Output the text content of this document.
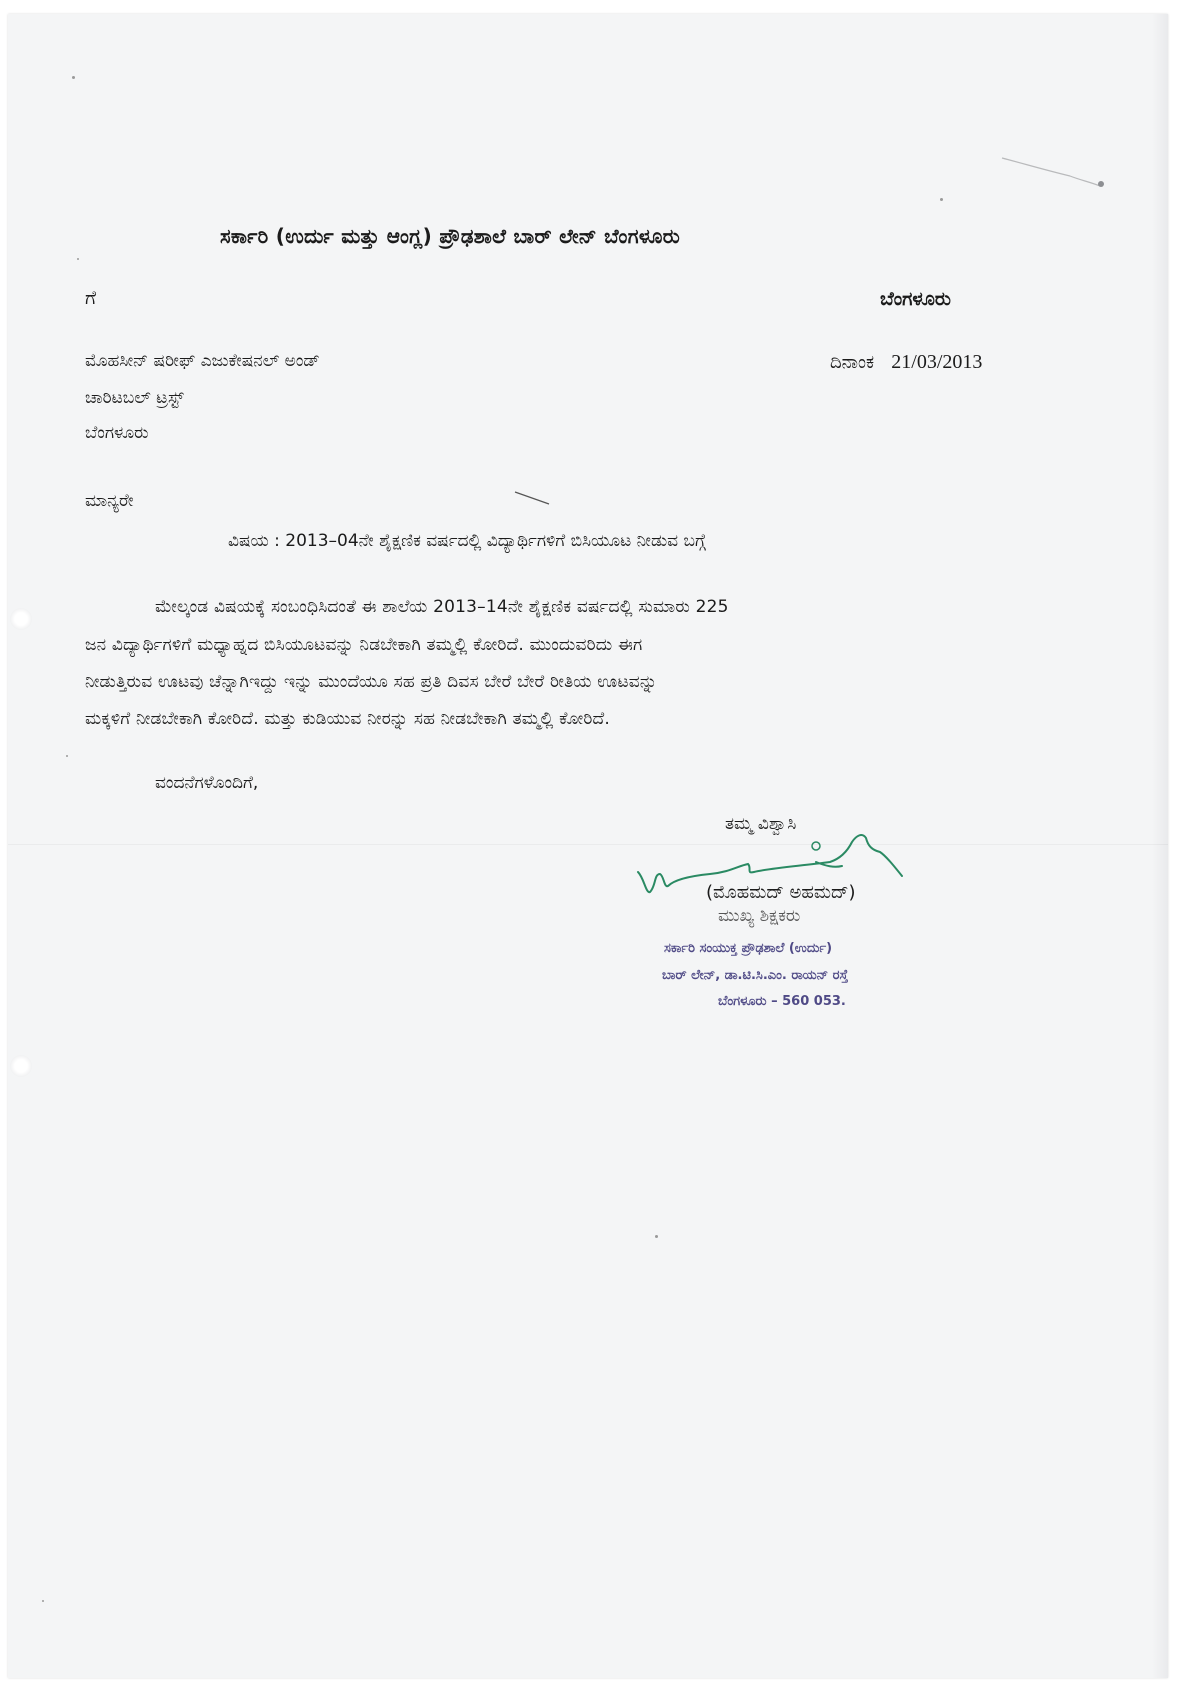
ಸರ್ಕಾರಿ (ಉರ್ದು ಮತ್ತು ಆಂಗ್ಲ) ಪ್ರೌಢಶಾಲೆ ಬಾರ್ ಲೇನ್ ಬೆಂಗಳೂರು
ಗೆ	ಬೆಂಗಳೂರು
ಮೊಹಸೀನ್ ಷರೀಫ್ ಎಜುಕೇಷನಲ್ ಅಂಡ್
ಚಾರಿಟಬಲ್ ಟ್ರಸ್ಟ್
ಬೆಂಗಳೂರು
ದಿನಾಂಕ 21/03/2013
ಮಾನ್ಯರೇ
ವಿಷಯ : 2013–04ನೇ ಶೈಕ್ಷಣಿಕ ವರ್ಷದಲ್ಲಿ ವಿದ್ಯಾರ್ಥಿಗಳಿಗೆ ಬಿಸಿಯೂಟ ನೀಡುವ ಬಗ್ಗೆ
ಮೇಲ್ಕಂಡ ವಿಷಯಕ್ಕೆ ಸಂಬಂಧಿಸಿದಂತೆ ಈ ಶಾಲೆಯ 2013–14ನೇ ಶೈಕ್ಷಣಿಕ ವರ್ಷದಲ್ಲಿ ಸುಮಾರು 225
ಜನ ವಿದ್ಯಾರ್ಥಿಗಳಿಗೆ ಮಧ್ಯಾಹ್ನದ ಬಿಸಿಯೂಟವನ್ನು ನಿಡಬೇಕಾಗಿ ತಮ್ಮಲ್ಲಿ ಕೋರಿದೆ. ಮುಂದುವರಿದು ಈಗ
ನೀಡುತ್ತಿರುವ ಊಟವು ಚೆನ್ನಾಗಿಇದ್ದು ಇನ್ನು ಮುಂದೆಯೂ ಸಹ ಪ್ರತಿ ದಿವಸ ಬೇರೆ ಬೇರೆ ರೀತಿಯ ಊಟವನ್ನು
ಮಕ್ಕಳಿಗೆ ನೀಡಬೇಕಾಗಿ ಕೋರಿದೆ. ಮತ್ತು ಕುಡಿಯುವ ನೀರನ್ನು ಸಹ ನೀಡಬೇಕಾಗಿ ತಮ್ಮಲ್ಲಿ ಕೋರಿದೆ.
ವಂದನೆಗಳೊಂದಿಗೆ,
ತಮ್ಮ ವಿಶ್ವಾಸಿ
(ಮೊಹಮದ್ ಅಹಮದ್)
ಮುಖ್ಯ ಶಿಕ್ಷಕರು
ಸರ್ಕಾರಿ ಸಂಯುಕ್ತ ಪ್ರೌಢಶಾಲೆ (ಉರ್ದು)
ಬಾರ್ ಲೇನ್, ಡಾ.ಟಿ.ಸಿ.ಎಂ. ರಾಯನ್ ರಸ್ತೆ
ಬೆಂಗಳೂರು – 560 053.
